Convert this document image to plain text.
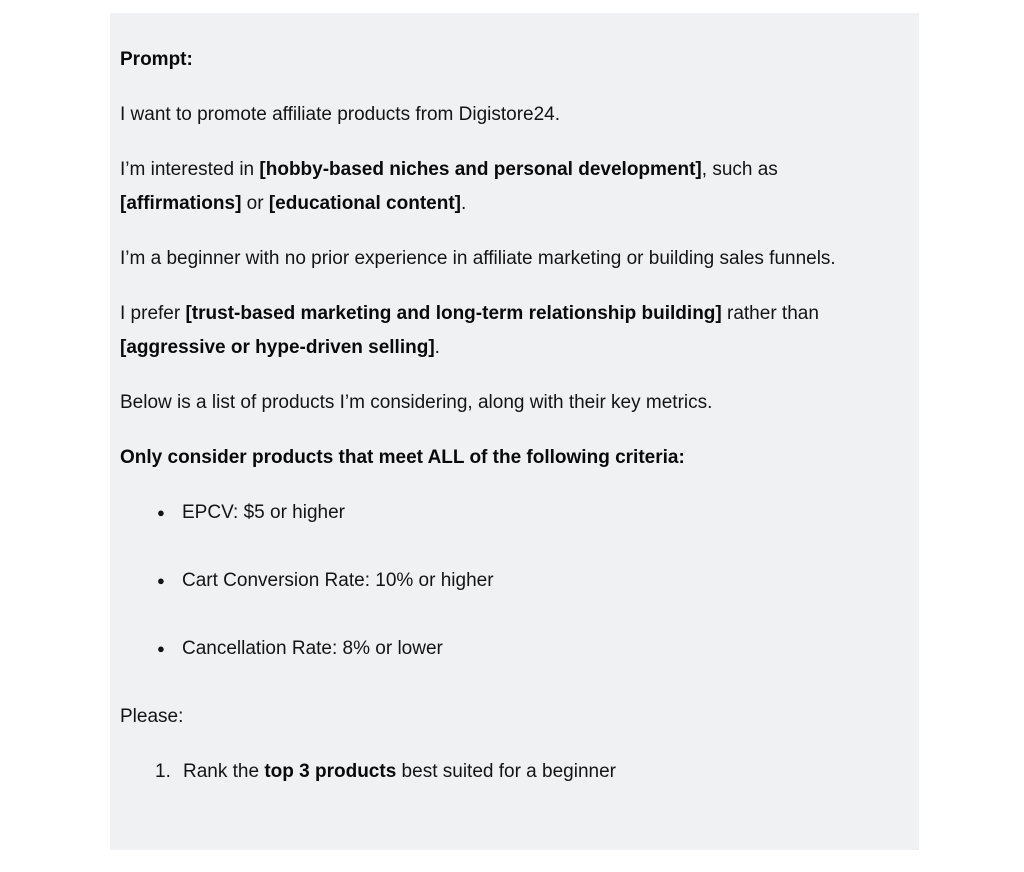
Prompt:

I want to promote affiliate products from Digistore24.

I’m interested in [hobby-based niches and personal development], such as
[affirmations] or [educational content].

I’m a beginner with no prior experience in affiliate marketing or building sales funnels.

I prefer [trust-based marketing and long-term relationship building] rather than
[aggressive or hype-driven selling].

Below is a list of products I’m considering, along with their key metrics.

Only consider products that meet ALL of the following criteria:

● EPCV: $5 or higher
● Cart Conversion Rate: 10% or higher
● Cancellation Rate: 8% or lower

Please:

1. Rank the top 3 products best suited for a beginner
